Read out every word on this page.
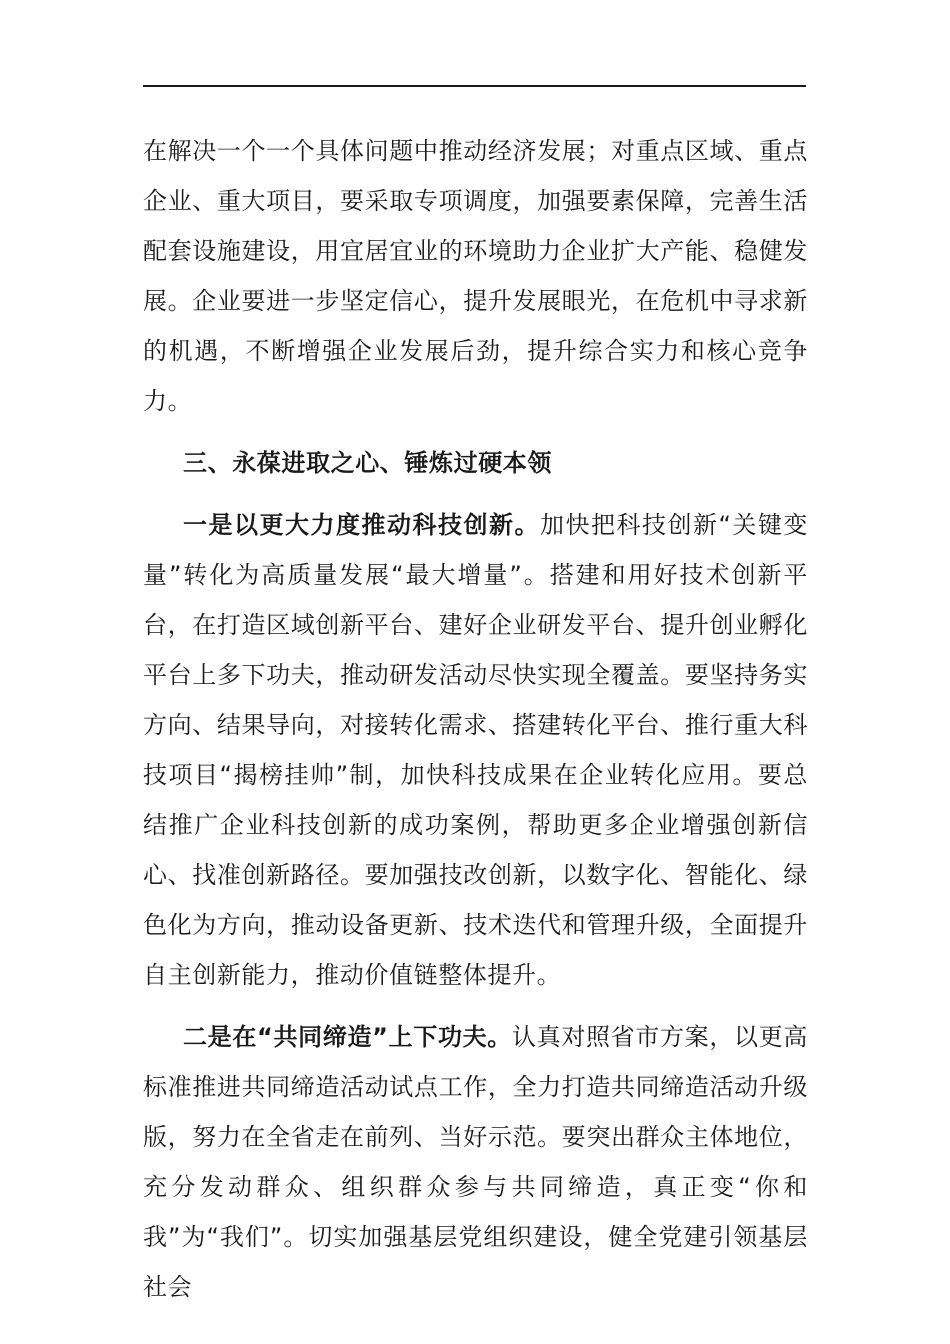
在解决一个一个具体问题中推动经济发展；对重点区域、重点企业、重大项目，要采取专项调度，加强要素保障，完善生活配套设施建设，用宜居宜业的环境助力企业扩大产能、稳健发展。企业要进一步坚定信心，提升发展眼光，在危机中寻求新的机遇，不断增强企业发展后劲，提升综合实力和核心竞争力。

三、永葆进取之心、锤炼过硬本领

一是以更大力度推动科技创新。加快把科技创新“关键变量”转化为高质量发展“最大增量”。搭建和用好技术创新平台，在打造区域创新平台、建好企业研发平台、提升创业孵化平台上多下功夫，推动研发活动尽快实现全覆盖。要坚持务实方向、结果导向，对接转化需求、搭建转化平台、推行重大科技项目“揭榜挂帅”制，加快科技成果在企业转化应用。要总结推广企业科技创新的成功案例，帮助更多企业增强创新信心、找准创新路径。要加强技改创新，以数字化、智能化、绿色化为方向，推动设备更新、技术迭代和管理升级，全面提升自主创新能力，推动价值链整体提升。

二是在“共同缔造”上下功夫。认真对照省市方案，以更高标准推进共同缔造活动试点工作，全力打造共同缔造活动升级版，努力在全省走在前列、当好示范。要突出群众主体地位，充分发动群众、组织群众参与共同缔造，真正变“你和我”为“我们”。切实加强基层党组织建设，健全党建引领基层社会
